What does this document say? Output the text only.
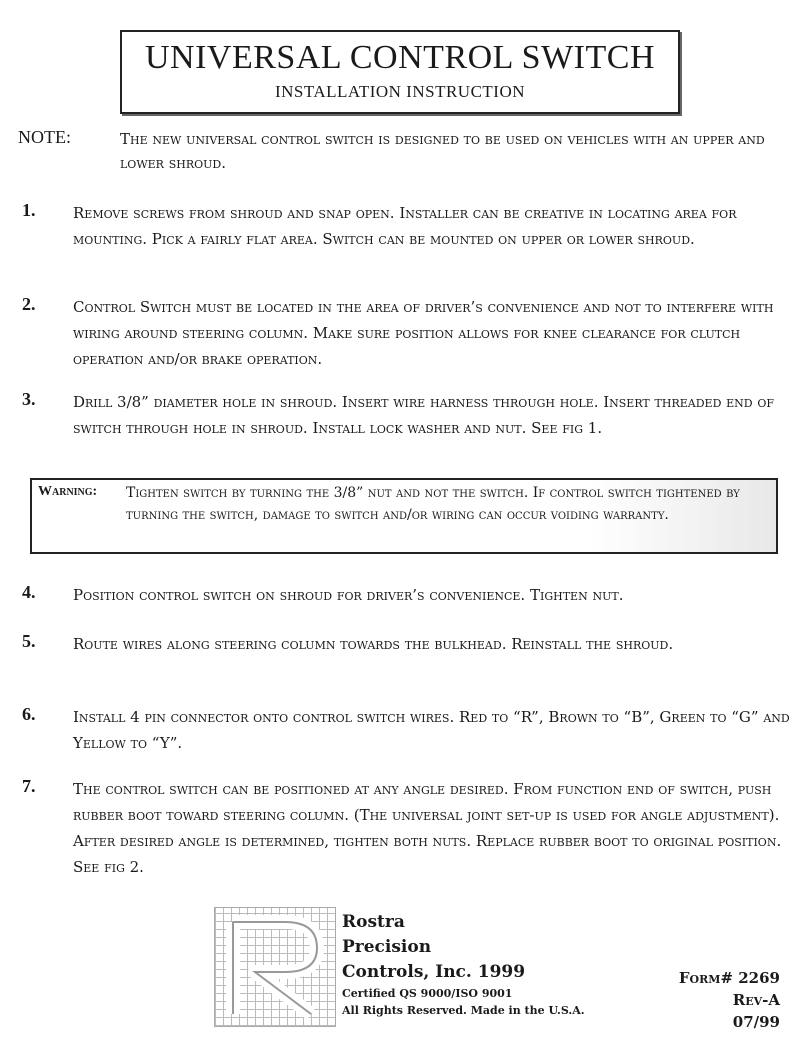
UNIVERSAL CONTROL SWITCH
INSTALLATION INSTRUCTION
NOTE:	The new universal control switch is designed to be used on vehicles with an upper and lower shroud.
1.	Remove screws from shroud and snap open. Installer can be creative in locating area for mounting. Pick a fairly flat area. Switch can be mounted on upper or lower shroud.
2.	Control Switch must be located in the area of driver’s convenience and not to interfere with wiring around steering column. Make sure position allows for knee clearance for clutch operation and/or brake operation.
3.	Drill 3/8” diameter hole in shroud. Insert wire harness through hole. Insert threaded end of switch through hole in shroud. Install lock washer and nut. See fig 1.
Warning: Tighten switch by turning the 3/8” nut and not the switch. If control switch tightened by turning the switch, damage to switch and/or wiring can occur voiding warranty.
4.	Position control switch on shroud for driver’s convenience. Tighten nut.
5.	Route wires along steering column towards the bulkhead. Reinstall the shroud.
6.	Install 4 pin connector onto control switch wires. Red to “R”, Brown to “B”, Green to “G” and Yellow to “Y”.
7.	The control switch can be positioned at any angle desired. From function end of switch, push rubber boot toward steering column. (The universal joint set-up is used for angle adjustment). After desired angle is determined, tighten both nuts. Replace rubber boot to original position. See fig 2.
Rostra
Precision
Controls, Inc. 1999
Certified QS 9000/ISO 9001
All Rights Reserved. Made in the U.S.A.
Form# 2269
Rev-A
07/99
